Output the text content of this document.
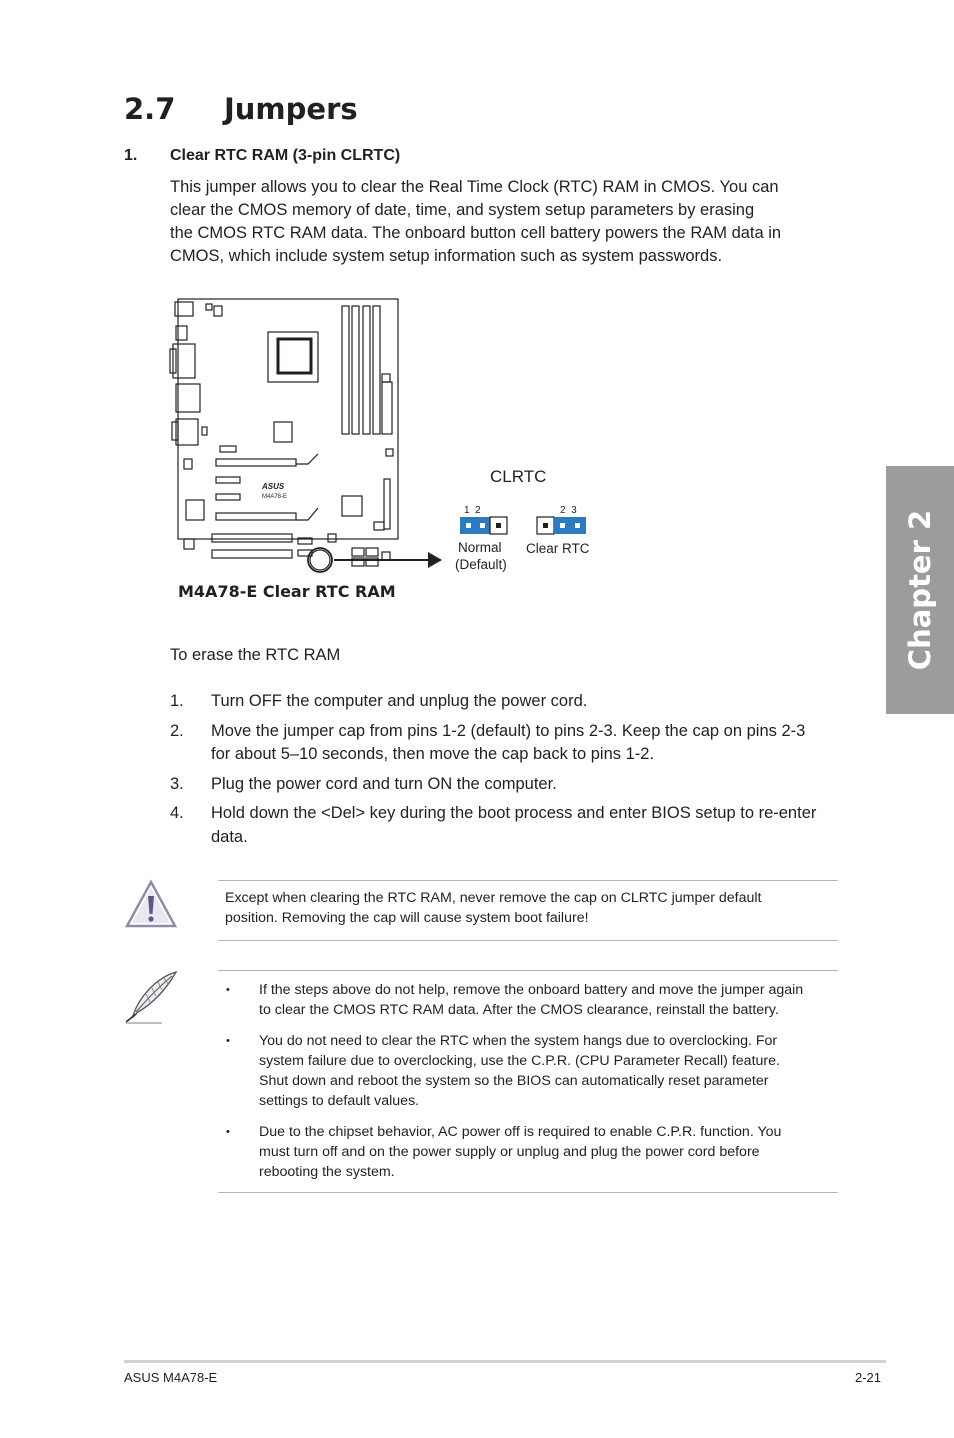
2.7 Jumpers
Chapter 2
1. Clear RTC RAM (3-pin CLRTC)

This jumper allows you to clear the Real Time Clock (RTC) RAM in CMOS. You can
clear the CMOS memory of date, time, and system setup parameters by erasing
the CMOS RTC RAM data. The onboard button cell battery powers the RAM data in
CMOS, which include system setup information such as system passwords.

ASUS
M4A78-E
CLRTC
1  2	2  3
Normal
(Default)
Clear RTC
M4A78-E Clear RTC RAM
To erase the RTC RAM
1. Turn OFF the computer and unplug the power cord.
2. Move the jumper cap from pins 1-2 (default) to pins 2-3. Keep the cap on pins 2-3
for about 5–10 seconds, then move the cap back to pins 1-2.
3. Plug the power cord and turn ON the computer.
4. Hold down the <Del> key during the boot process and enter BIOS setup to re-enter
data.

Except when clearing the RTC RAM, never remove the cap on CLRTC jumper default
position. Removing the cap will cause system boot failure!

• If the steps above do not help, remove the onboard battery and move the jumper again
to clear the CMOS RTC RAM data. After the CMOS clearance, reinstall the battery.
• You do not need to clear the RTC when the system hangs due to overclocking. For
system failure due to overclocking, use the C.P.R. (CPU Parameter Recall) feature.
Shut down and reboot the system so the BIOS can automatically reset parameter
settings to default values.
• Due to the chipset behavior, AC power off is required to enable C.P.R. function. You
must turn off and on the power supply or unplug and plug the power cord before
rebooting the system.
ASUS M4A78-E	2-21
